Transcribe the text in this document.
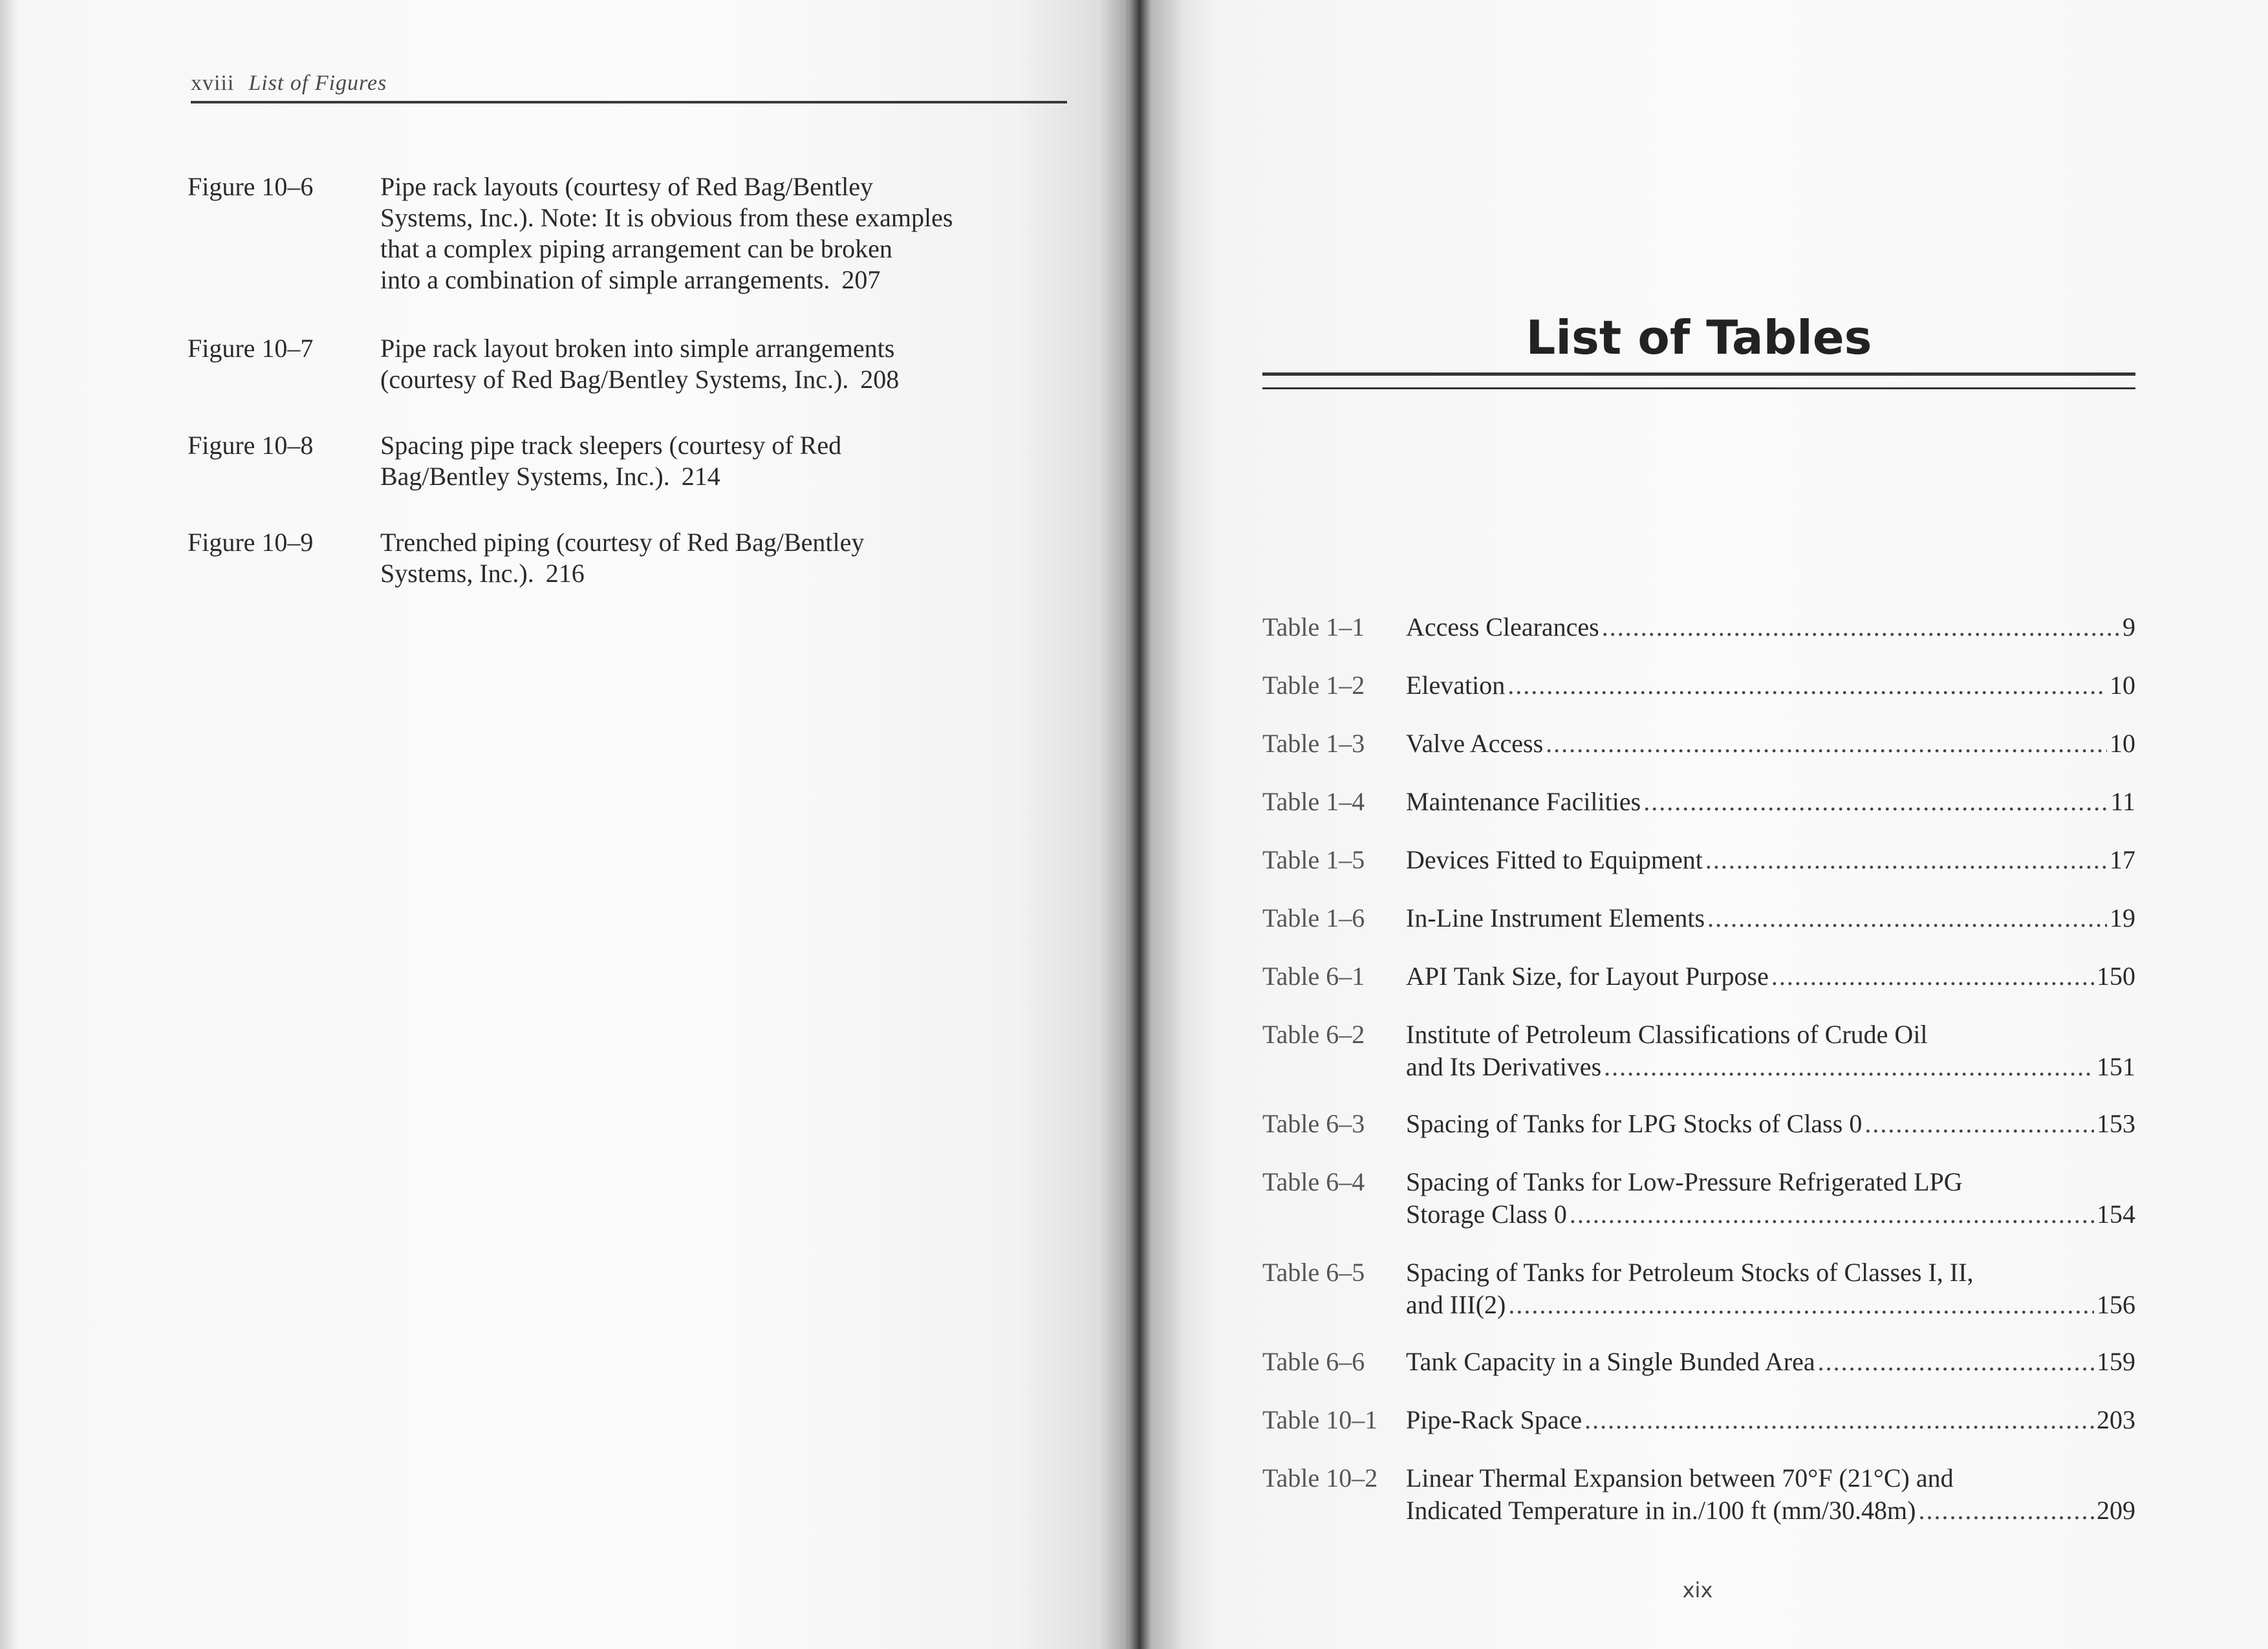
xviii List of Figures
Figure 10–6	Pipe rack layouts (courtesy of Red Bag/Bentley
Systems, Inc.). Note: It is obvious from these examples
that a complex piping arrangement can be broken
into a combination of simple arrangements. 207
Figure 10–7	Pipe rack layout broken into simple arrangements
(courtesy of Red Bag/Bentley Systems, Inc.). 208
Figure 10–8	Spacing pipe track sleepers (courtesy of Red
Bag/Bentley Systems, Inc.). 214
Figure 10–9	Trenched piping (courtesy of Red Bag/Bentley
Systems, Inc.). 216
List of Tables
Table 1–1	Access Clearances .....	9
Table 1–2	Elevation .....	10
Table 1–3	Valve Access .....	10
Table 1–4	Maintenance Facilities .....	11
Table 1–5	Devices Fitted to Equipment .....	17
Table 1–6	In-Line Instrument Elements .....	19
Table 6–1	API Tank Size, for Layout Purpose .....	150
Table 6–2	Institute of Petroleum Classifications of Crude Oil
and Its Derivatives .....	151
Table 6–3	Spacing of Tanks for LPG Stocks of Class 0 .....	153
Table 6–4	Spacing of Tanks for Low-Pressure Refrigerated LPG
Storage Class 0 .....	154
Table 6–5	Spacing of Tanks for Petroleum Stocks of Classes I, II,
and III(2) .....	156
Table 6–6	Tank Capacity in a Single Bunded Area .....	159
Table 10–1	Pipe-Rack Space .....	203
Table 10–2	Linear Thermal Expansion between 70°F (21°C) and
Indicated Temperature in in./100 ft (mm/30.48m) .....	209
xix
